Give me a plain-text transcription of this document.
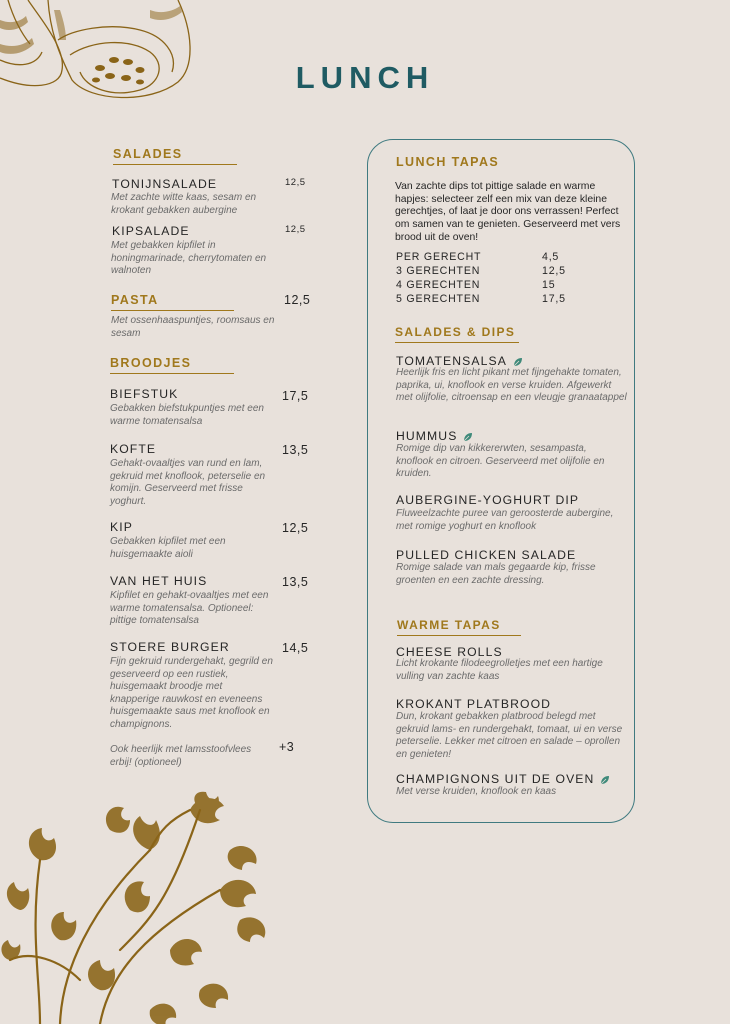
LUNCH
SALADES
TONIJNSALADE	12,5
Met zachte witte kaas, sesam en krokant gebakken aubergine
KIPSALADE	12,5
Met gebakken kipfilet in honingmarinade, cherrytomaten en walnoten
PASTA	12,5
Met ossenhaaspuntjes, roomsaus en sesam
BROODJES
BIEFSTUK	17,5
Gebakken biefstukpuntjes met een warme tomatensalsa
KOFTE	13,5
Gehakt-ovaaltjes van rund en lam, gekruid met knoflook, peterselie en komijn. Geserveerd met frisse yoghurt.
KIP	12,5
Gebakken kipfilet met een huisgemaakte aioli
VAN HET HUIS	13,5
Kipfilet en gehakt-ovaaltjes met een warme tomatensalsa. Optioneel: pittige tomatensalsa
STOERE BURGER	14,5
Fijn gekruid rundergehakt, gegrild en geserveerd op een rustiek, huisgemaakt broodje met knapperige rauwkost en eveneens huisgemaakte saus met knoflook en champignons.
Ook heerlijk met lamsstoofvlees erbij! (optioneel)
+3
LUNCH TAPAS
Van zachte dips tot pittige salade en warme hapjes: selecteer zelf een mix van deze kleine gerechtjes, of laat je door ons verrassen! Perfect om samen van te genieten. Geserveerd met vers brood uit de oven!
PER GERECHT	4,5
3 GERECHTEN	12,5
4 GERECHTEN	15
5 GERECHTEN	17,5
SALADES & DIPS
TOMATENSALSA
Heerlijk fris en licht pikant met fijngehakte tomaten, paprika, ui, knoflook en verse kruiden. Afgewerkt met olijfolie, citroensap en een vleugje granaatappel
HUMMUS
Romige dip van kikkererwten, sesampasta, knoflook en citroen. Geserveerd met olijfolie en kruiden.
AUBERGINE-YOGHURT DIP
Fluweelzachte puree van geroosterde aubergine, met romige yoghurt en knoflook
PULLED CHICKEN SALADE
Romige salade van mals gegaarde kip, frisse groenten en een zachte dressing.
WARME TAPAS
CHEESE ROLLS
Licht krokante filodeegrolletjes met een hartige vulling van zachte kaas
KROKANT PLATBROOD
Dun, krokant gebakken platbrood belegd met gekruid lams- en rundergehakt, tomaat, ui en verse peterselie. Lekker met citroen en salade – oprollen en genieten!
CHAMPIGNONS UIT DE OVEN
Met verse kruiden, knoflook en kaas
